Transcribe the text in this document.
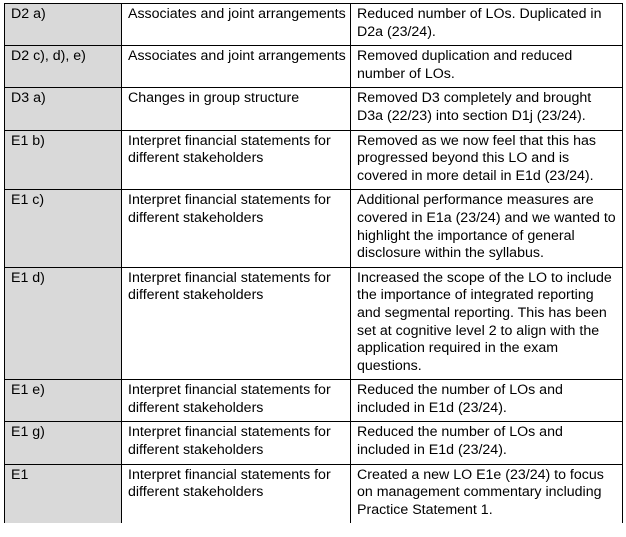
D2 a)	Associates and joint arrangements	Reduced number of LOs. Duplicated in D2a (23/24).

D2 c), d), e)	Associates and joint arrangements	Removed duplication and reduced number of LOs.

D3 a)	Changes in group structure	Removed D3 completely and brought D3a (22/23) into section D1j (23/24).

E1 b)	Interpret financial statements for different stakeholders	Removed as we now feel that this has progressed beyond this LO and is covered in more detail in E1d (23/24).

E1 c)	Interpret financial statements for different stakeholders	Additional performance measures are covered in E1a (23/24) and we wanted to highlight the importance of general disclosure within the syllabus.

E1 d)	Interpret financial statements for different stakeholders	Increased the scope of the LO to include the importance of integrated reporting and segmental reporting. This has been set at cognitive level 2 to align with the application required in the exam questions.

E1 e)	Interpret financial statements for different stakeholders	Reduced the number of LOs and included in E1d (23/24).

E1 g)	Interpret financial statements for different stakeholders	Reduced the number of LOs and included in E1d (23/24).

E1	Interpret financial statements for different stakeholders	Created a new LO E1e (23/24) to focus on management commentary including Practice Statement 1.
